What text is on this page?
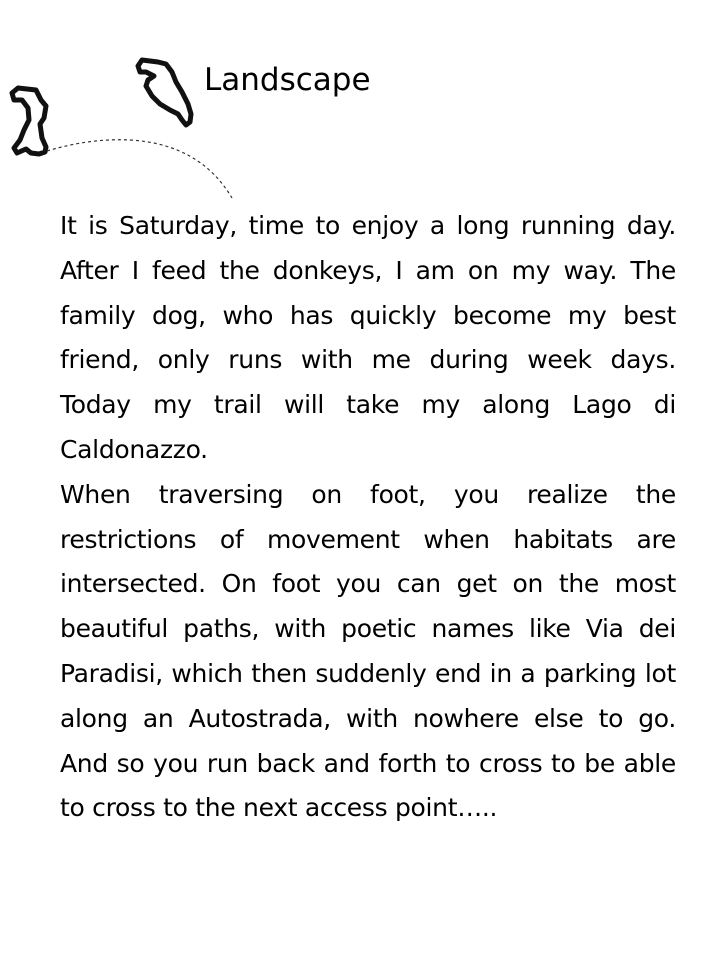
Landscape

It is Saturday, time to enjoy a long running day. After I feed the donkeys, I am on my way. The family dog, who has quickly become my best friend, only runs with me during week days. Today my trail will take my along Lago di Caldonazzo.

When traversing on foot, you realize the restrictions of movement when habitats are intersected. On foot you can get on the most beautiful paths, with poetic names like Via dei Paradisi, which then suddenly end in a parking lot along an Autostrada, with nowhere else to go. And so you run back and forth to cross to be able to cross to the next access point…..
